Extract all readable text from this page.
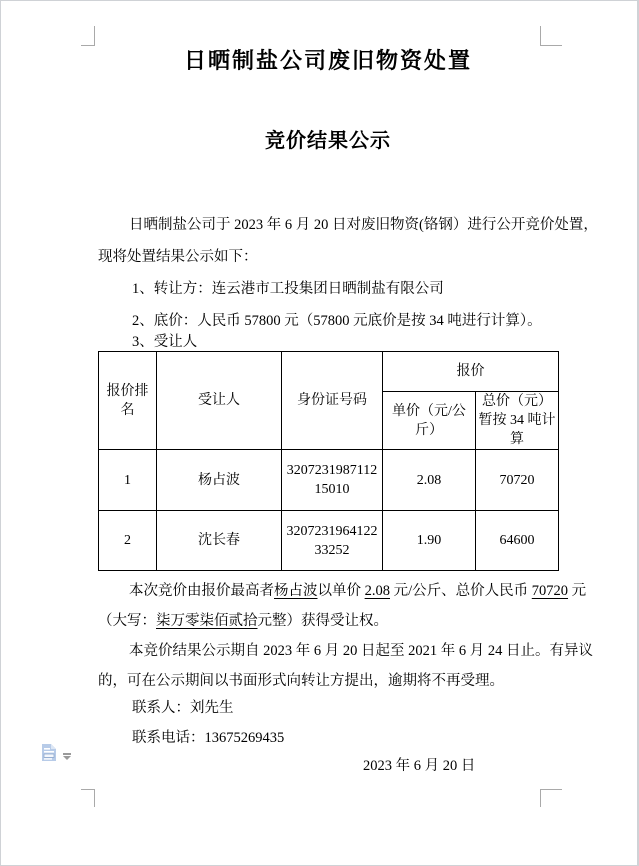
日晒制盐公司废旧物资处置
竞价结果公示
日晒制盐公司于 2023 年 6 月 20 日对废旧物资(铬钢）进行公开竞价处置，
现将处置结果公示如下：
1、转让方：连云港市工投集团日晒制盐有限公司
2、底价：人民币 57800 元（57800 元底价是按 34 吨进行计算）。
3、受让人
报价排名	受让人	身份证号码	报价	
			单价（元/公斤）	总价（元）暂按 34 吨计算
1	杨占波	320723198711215010	2.08	70720
2	沈长春	320723196412233252	1.90	64600
本次竞价由报价最高者杨占波以单价 2.08 元/公斤、总价人民币 70720 元
（大写：柒万零柒佰贰拾元整）获得受让权。
本竞价结果公示期自 2023 年 6 月 20 日起至 2021 年 6 月 24 日止。有异议
的，可在公示期间以书面形式向转让方提出，逾期将不再受理。
联系人：刘先生
联系电话：13675269435
2023 年 6 月 20 日
